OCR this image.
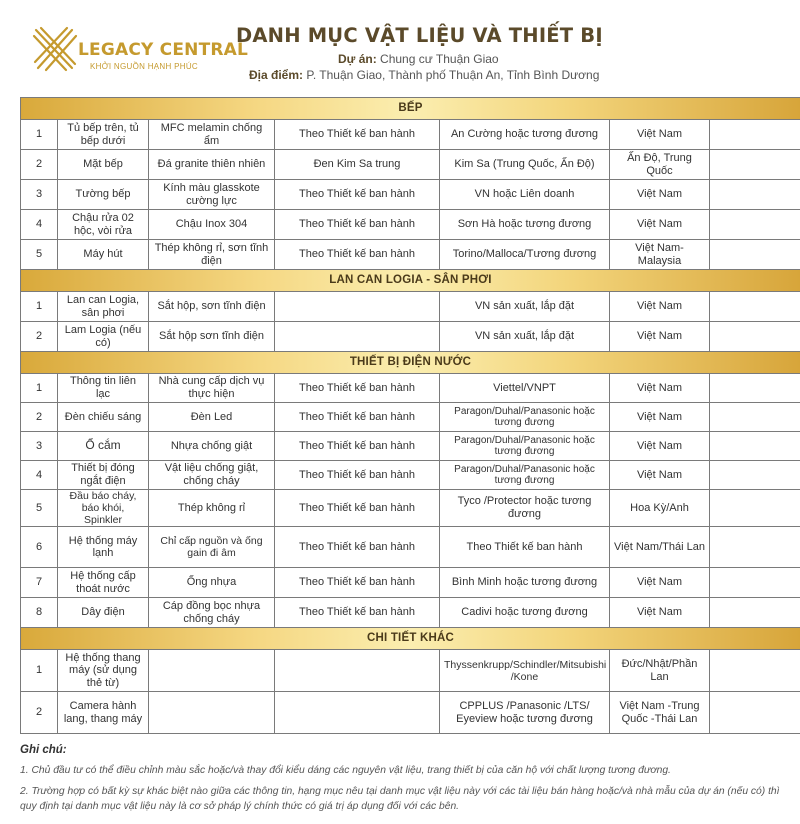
LEGACY CENTRAL
KHỞI NGUỒN HẠNH PHÚC
DANH MỤC VẬT LIỆU VÀ THIẾT BỊ
Dự án: Chung cư Thuận Giao
Địa điểm: P. Thuận Giao, Thành phố Thuận An, Tỉnh Bình Dương
BẾP						
1	Tủ bếp trên, tủ bếp dưới	MFC melamin chống ẩm	Theo Thiết kế ban hành	An Cường hoặc tương đương	Việt Nam	
2	Mặt bếp	Đá granite thiên nhiên	Đen Kim Sa trung	Kim Sa (Trung Quốc, Ấn Độ)	Ấn Độ, Trung Quốc	
3	Tường bếp	Kính màu glasskote cường lực	Theo Thiết kế ban hành	VN hoặc Liên doanh	Việt Nam	
4	Chậu rửa 02 hộc, vòi rửa	Chậu Inox 304	Theo Thiết kế ban hành	Sơn Hà hoặc tương đương	Việt Nam	
5	Máy hút	Thép không rỉ, sơn tĩnh điện	Theo Thiết kế ban hành	Torino/Malloca/Tương đương	Việt Nam-Malaysia	
LAN CAN LOGIA - SÂN PHƠI						
1	Lan can Logia, sân phơi	Sắt hộp, sơn tĩnh điện		VN sản xuất, lắp đặt	Việt Nam	
2	Lam Logia (nếu có)	Sắt hộp sơn tĩnh điện		VN sản xuất, lắp đặt	Việt Nam	
THIẾT BỊ ĐIỆN NƯỚC						
1	Thông tin liên lạc	Nhà cung cấp dịch vụ thực hiện	Theo Thiết kế ban hành	Viettel/VNPT	Việt Nam	
2	Đèn chiếu sáng	Đèn Led	Theo Thiết kế ban hành	Paragon/Duhal/Panasonic hoặc tương đương	Việt Nam	
3	Ổ cắm	Nhựa chống giật	Theo Thiết kế ban hành	Paragon/Duhal/Panasonic hoặc tương đương	Việt Nam	
4	Thiết bị đóng ngắt điện	Vật liệu chống giật, chống cháy	Theo Thiết kế ban hành	Paragon/Duhal/Panasonic hoặc tương đương	Việt Nam	
5	Đầu báo cháy, báo khói, Spinkler	Thép không rỉ	Theo Thiết kế ban hành	Tyco /Protector hoặc tương đương	Hoa Kỳ/Anh	
6	Hệ thống máy lạnh	Chỉ cấp nguồn và ống gain đi âm	Theo Thiết kế ban hành	Theo Thiết kế ban hành	Việt Nam/Thái Lan	
7	Hệ thống cấp thoát nước	Ống nhựa	Theo Thiết kế ban hành	Bình Minh hoặc tương đương	Việt Nam	
8	Dây điện	Cáp đồng bọc nhựa chống cháy	Theo Thiết kế ban hành	Cadivi hoặc tương đương	Việt Nam	
CHI TIẾT KHÁC						
1	Hệ thống thang máy (sử dụng thẻ từ)			Thyssenkrupp/Schindler/Mitsubishi /Kone	Đức/Nhật/Phần Lan	
2	Camera hành lang, thang máy			CPPLUS /Panasonic /LTS/ Eyeview hoặc tương đương	Việt Nam -Trung Quốc -Thái Lan	
Ghi chú:
1. Chủ đầu tư có thể điều chỉnh màu sắc hoặc/và thay đổi kiểu dáng các nguyên vật liệu, trang thiết bị của căn hộ với chất lượng tương đương.
2. Trường hợp có bất kỳ sự khác biệt nào giữa các thông tin, hạng mục nêu tại danh mục vật liệu này với các tài liệu bán hàng hoặc/và nhà mẫu của dự án (nếu có) thì quy định tại danh mục vật liệu này là cơ sở pháp lý chính thức có giá trị áp dụng đối với các bên.
